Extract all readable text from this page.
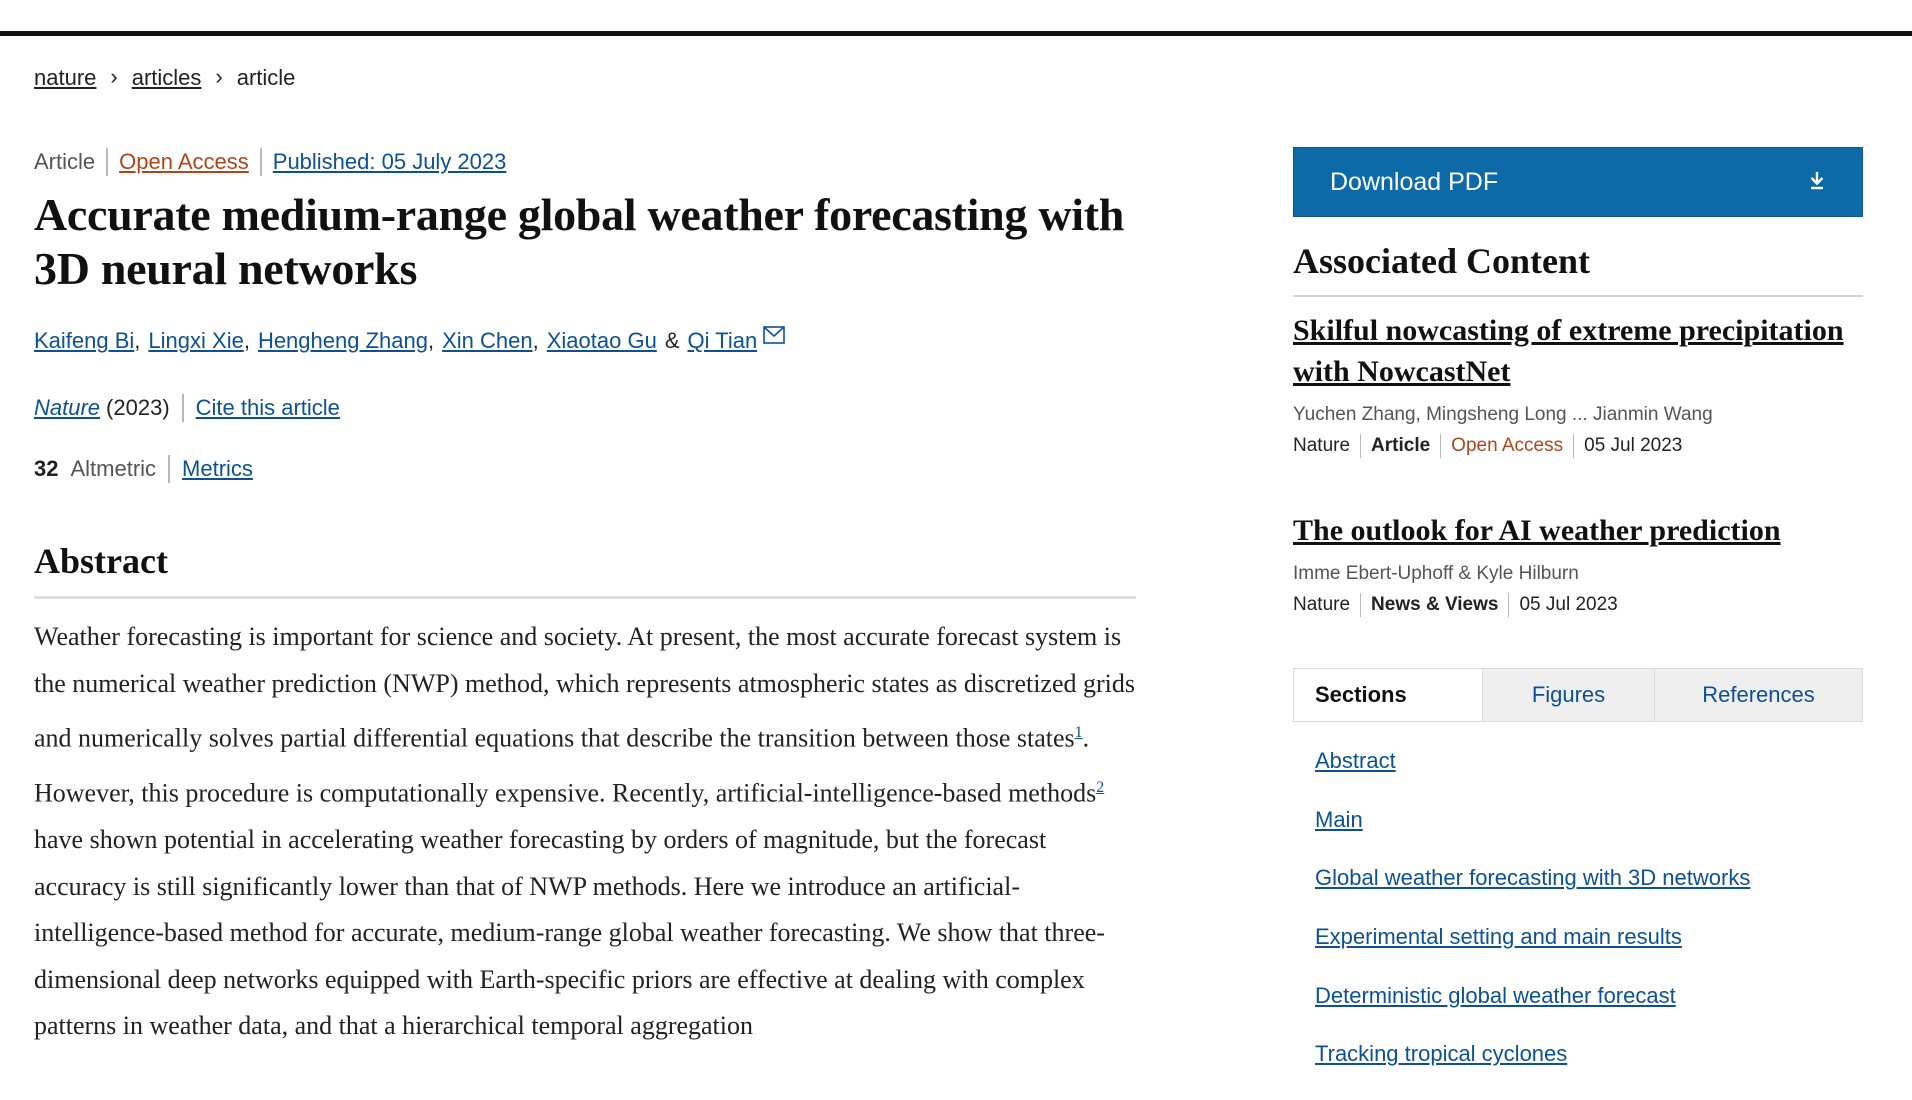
nature › articles › article
Article Open Access Published: 05 July 2023
Accurate medium-range global weather forecasting with 3D neural networks
Kaifeng Bi , Lingxi Xie , Hengheng Zhang , Xin Chen , Xiaotao Gu & Qi Tian
Nature (2023) Cite this article
32 Altmetric Metrics
Abstract

Weather forecasting is important for science and society. At present, the most accurate forecast system is the numerical weather prediction (NWP) method, which represents atmospheric states as discretized grids and numerically solves partial differential equations that describe the transition between those states$^1$. However, this procedure is computationally expensive. Recently, artificial-intelligence-based methods$^2$ have shown potential in accelerating weather forecasting by orders of magnitude, but the forecast accuracy is still significantly lower than that of NWP methods. Here we introduce an artificial-intelligence-based method for accurate, medium-range global weather forecasting. We show that three-dimensional deep networks equipped with Earth-specific priors are effective at dealing with complex patterns in weather data, and that a hierarchical temporal aggregation

Download PDF
Associated Content
Skilful nowcasting of extreme precipitation with NowcastNet
Yuchen Zhang, Mingsheng Long ... Jianmin Wang
Nature Article Open Access 05 Jul 2023
The outlook for AI weather prediction
Imme Ebert-Uphoff & Kyle Hilburn
Nature News & Views 05 Jul 2023
Sections	Figures	References
Abstract
Main
Global weather forecasting with 3D networks
Experimental setting and main results
Deterministic global weather forecast
Tracking tropical cyclones
